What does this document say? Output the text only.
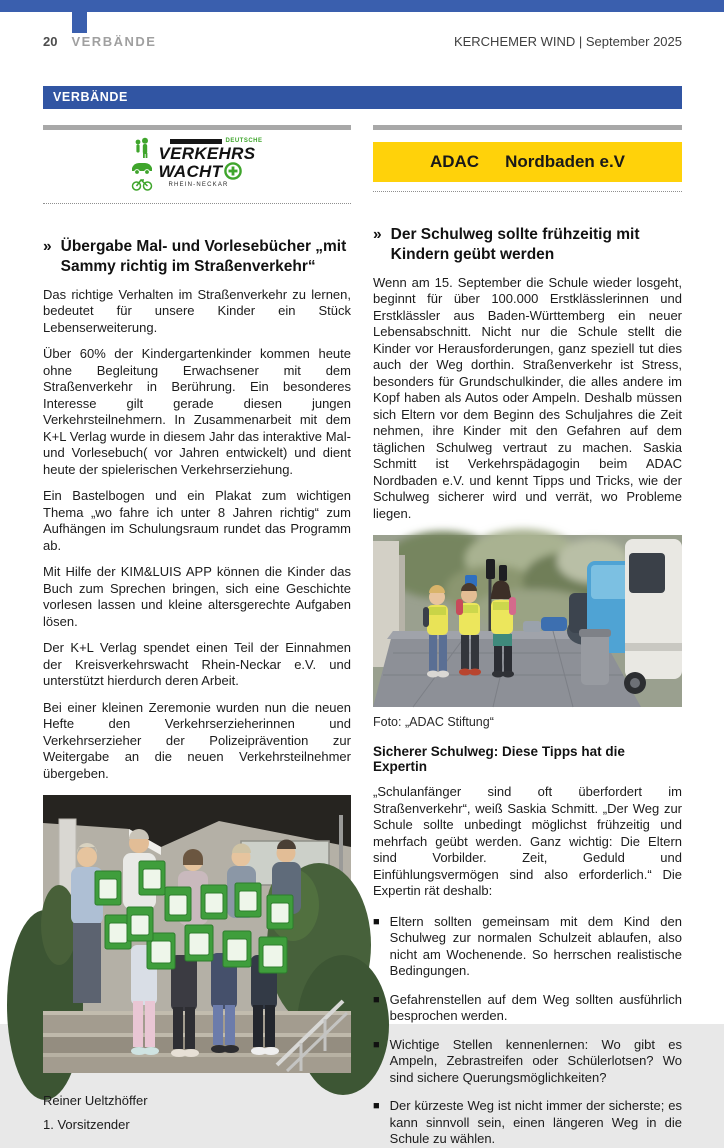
20 VERBÄNDE	KERCHEMER WIND | September 2025
VERBÄNDE
DEUTSCHE
VERKEHRS
WACHT
RHEIN-NECKAR
» Übergabe Mal- und Vorlesebücher „mit Sammy richtig im Straßenverkehr“

Das richtige Verhalten im Straßenverkehr zu lernen, bedeutet für unsere Kinder ein Stück Lebenserweiterung.

Über 60% der Kindergartenkinder kommen heute ohne Begleitung Erwachsener mit dem Straßenverkehr in Berührung. Ein besonderes Interesse gilt gerade diesen jungen Verkehrsteilnehmern. In Zusammenarbeit mit dem K+L Verlag wurde in diesem Jahr das interaktive Mal- und Vorlesebuch( vor Jahren entwickelt) und dient heute der spielerischen Verkehrserziehung.

Ein Bastelbogen und ein Plakat zum wichtigen Thema „wo fahre ich unter 8 Jahren richtig“ zum Aufhängen im Schulungsraum rundet das Programm ab.

Mit Hilfe der KIM&LUIS APP können die Kinder das Buch zum Sprechen bringen, sich eine Geschichte vorlesen lassen und kleine altersgerechte Aufgaben lösen.

Der K+L Verlag spendet einen Teil der Einnahmen der Kreisverkehrswacht Rhein-Neckar e.V. und unterstützt hierdurch deren Arbeit.

Bei einer kleinen Zeremonie wurden nun die neuen Hefte den Verkehrserzieherinnen und Verkehrserzieher der Polizeiprävention zur Weitergabe an die neuen Verkehrsteilnehmer übergeben.

Reiner Ueltzhöffer
1. Vorsitzender
ADAC Nordbaden e.V
» Der Schulweg sollte frühzeitig mit Kindern geübt werden

Wenn am 15. September die Schule wieder losgeht, beginnt für über 100.000 Erstklässlerinnen und Erstklässler aus Baden-Württemberg ein neuer Lebensabschnitt. Nicht nur die Schule stellt die Kinder vor Herausforderungen, ganz speziell tut dies auch der Weg dorthin. Straßenverkehr ist Stress, besonders für Grundschulkinder, die alles andere im Kopf haben als Autos oder Ampeln. Deshalb müssen sich Eltern vor dem Beginn des Schuljahres die Zeit nehmen, ihre Kinder mit den Gefahren auf dem täglichen Schulweg vertraut zu machen. Saskia Schmitt ist Verkehrspädagogin beim ADAC Nordbaden e.V. und kennt Tipps und Tricks, wie der Schulweg sicherer wird und verrät, wo Probleme liegen.

Foto: „ADAC Stiftung“
Sicherer Schulweg: Diese Tipps hat die Expertin

„Schulanfänger sind oft überfordert im Straßenverkehr“, weiß Saskia Schmitt. „Der Weg zur Schule sollte unbedingt möglichst frühzeitig und mehrfach geübt werden. Ganz wichtig: Die Eltern sind Vorbilder. Zeit, Geduld und Einfühlungsvermögen sind also erforderlich.“ Die Expertin rät deshalb:

■ Eltern sollten gemeinsam mit dem Kind den Schulweg zur normalen Schulzeit ablaufen, also nicht am Wochenende. So herrschen realistische Bedingungen.
■ Gefahrenstellen auf dem Weg sollten ausführlich besprochen werden.
■ Wichtige Stellen kennenlernen: Wo gibt es Ampeln, Zebrastreifen oder Schülerlotsen? Wo sind sichere Querungsmöglichkeiten?
■ Der kürzeste Weg ist nicht immer der sicherste; es kann sinnvoll sein, einen längeren Weg in die Schule zu wählen.
